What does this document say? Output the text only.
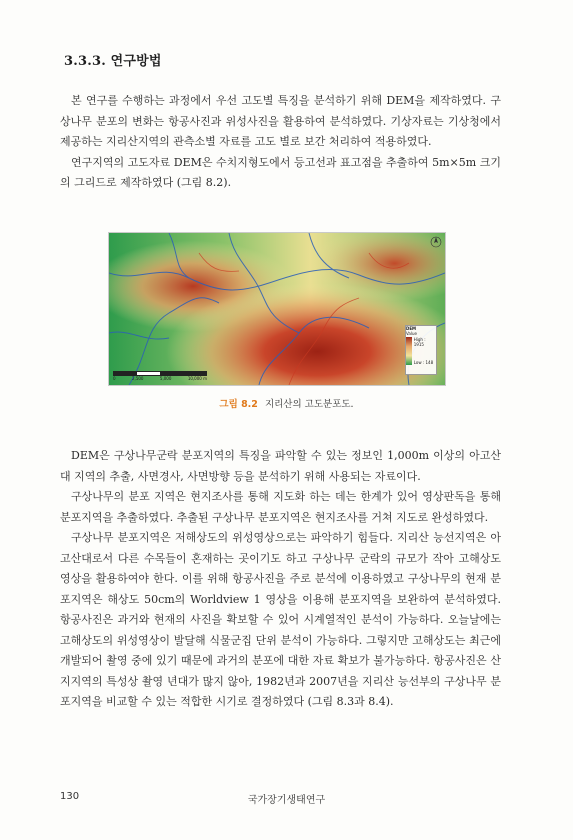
3.3.3. 연구방법

본 연구를 수행하는 과정에서 우선 고도별 특징을 분석하기 위해 DEM을 제작하였다. 구상나무 분포의 변화는 항공사진과 위성사진을 활용하여 분석하였다. 기상자료는 기상청에서 제공하는 지리산지역의 관측소별 자료를 고도 별로 보간 처리하여 적용하였다.

연구지역의 고도자료 DEM은 수치지형도에서 등고선과 표고점을 추출하여 5m×5m 크기의 그리드로 제작하였다 (그림 8.2).

DEM
Value
High : 1915
Low : 148
0	2,500	5,000	10,000 m
그림 8.2 지리산의 고도분포도.

DEM은 구상나무군락 분포지역의 특징을 파악할 수 있는 정보인 1,000m 이상의 아고산대 지역의 추출, 사면경사, 사면방향 등을 분석하기 위해 사용되는 자료이다.

구상나무의 분포 지역은 현지조사를 통해 지도화 하는 데는 한계가 있어 영상판독을 통해 분포지역을 추출하였다. 추출된 구상나무 분포지역은 현지조사를 거쳐 지도로 완성하였다.

구상나무 분포지역은 저해상도의 위성영상으로는 파악하기 힘들다. 지리산 능선지역은 아고산대로서 다른 수목들이 혼재하는 곳이기도 하고 구상나무 군락의 규모가 작아 고해상도 영상을 활용하여야 한다. 이를 위해 항공사진을 주로 분석에 이용하였고 구상나무의 현재 분포지역은 해상도 50cm의 Worldview 1 영상을 이용해 분포지역을 보완하여 분석하였다. 항공사진은 과거와 현재의 사진을 확보할 수 있어 시계열적인 분석이 가능하다. 오늘날에는 고해상도의 위성영상이 발달해 식물군집 단위 분석이 가능하다. 그렇지만 고해상도는 최근에 개발되어 촬영 중에 있기 때문에 과거의 분포에 대한 자료 확보가 불가능하다. 항공사진은 산지지역의 특성상 촬영 년대가 많지 않아, 1982년과 2007년을 지리산 능선부의 구상나무 분포지역을 비교할 수 있는 적합한 시기로 결정하였다 (그림 8.3과 8.4).

130	국가장기생태연구
